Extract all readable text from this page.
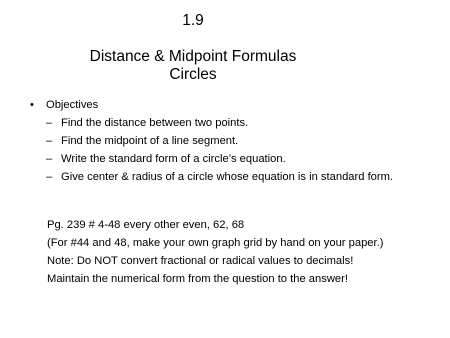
1.9
Distance & Midpoint Formulas
Circles
•	Objectives
– Find the distance between two points.
– Find the midpoint of a line segment.
– Write the standard form of a circle’s equation.
– Give center & radius of a circle whose equation is in standard form.
Pg. 239 # 4-48 every other even, 62, 68
(For #44 and 48, make your own graph grid by hand on your paper.)
Note: Do NOT convert fractional or radical values to decimals!
Maintain the numerical form from the question to the answer!
